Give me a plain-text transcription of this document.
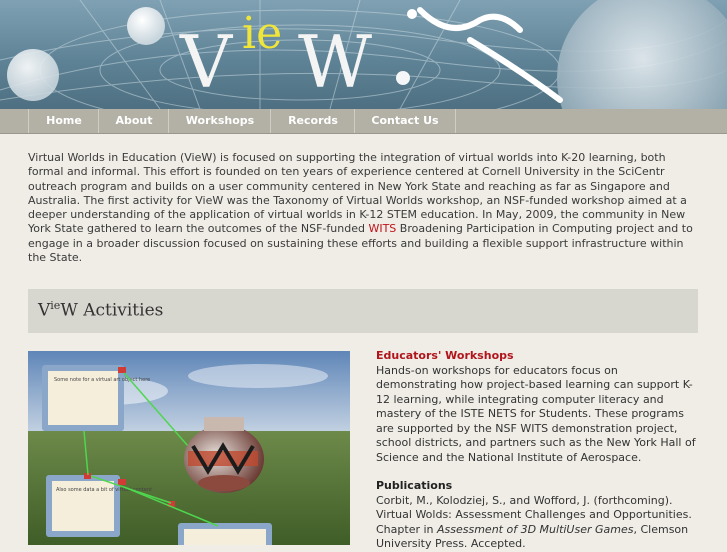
V ie W
Home	About	Workshops	Records	Contact Us
Virtual Worlds in Education (VieW) is focused on supporting the integration of virtual worlds into K-20 learning, both formal and informal. This effort is founded on ten years of experience centered at Cornell University in the SciCentr outreach program and builds on a user community centered in New York State and reaching as far as Singapore and Australia. The first activity for VieW was the Taxonomy of Virtual Worlds workshop, an NSF-funded workshop aimed at a deeper understanding of the application of virtual worlds in K-12 STEM education. In May, 2009, the community in New York State gathered to learn the outcomes of the NSF-funded WITS Broadening Participation in Computing project and to engage in a broader discussion focused on sustaining these efforts and building a flexible support infrastructure within the State.
$V^{ie}W$ Activities
Some note for a virtual art object here
Also some data a bit of virtual content
Educators' Workshops

Hands-on workshops for educators focus on demonstrating how project-based learning can support K-12 learning, while integrating computer literacy and mastery of the ISTE NETS for Students. These programs are supported by the NSF WITS demonstration project, school districts, and partners such as the New York Hall of Science and the National Institute of Aerospace.

Publications

Corbit, M., Kolodziej, S., and Wofford, J. (forthcoming). Virtual Wolds: Assessment Challenges and Opportunities. Chapter in Assessment of 3D MultiUser Games, Clemson University Press. Accepted.
